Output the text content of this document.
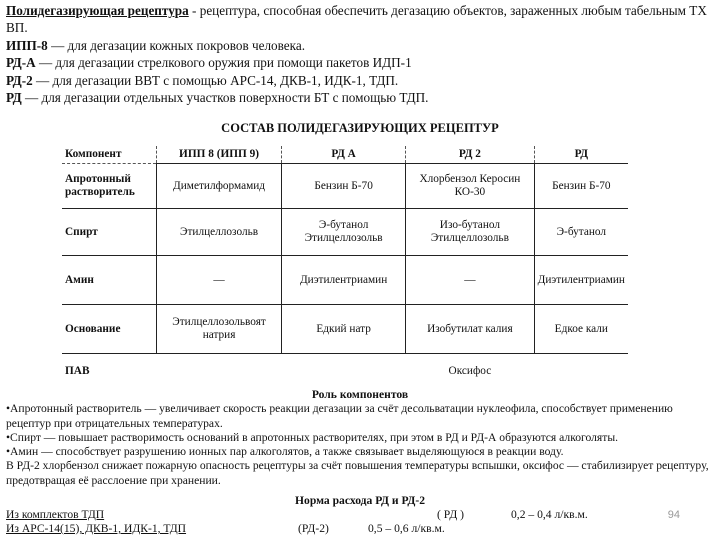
Полидегазирующая рецептура - рецептура, способная обеспечить дегазацию объектов, зараженных любым табельным ТХ ВП.

ИПП-8 — для дегазации кожных покровов человека.

РД-А — для дегазации стрелкового оружия при помощи пакетов ИДП-1

РД-2 — для дегазации ВВТ с помощью АРС-14, ДКВ-1, ИДК-1, ТДП.

РД — для дегазации отдельных участков поверхности БТ с помощью ТДП.

СОСТАВ ПОЛИДЕГАЗИРУЮЩИХ РЕЦЕПТУР
Компонент	ИПП 8 (ИПП 9)	РД А	РД 2	РД
Апротонный растворитель	Диметилформамид	Бензин Б-70	Хлорбензол Керосин КО-30	Бензин Б-70
Спирт	Этилцеллозольв	Э-бутанол Этилцеллозольв	Изо-бутанол Этилцеллозольв	Э-бутанол
Амин	—	Диэтилентриамин	—	Диэтилентриамин
Основание	Этилцеллозольвоят натрия	Едкий натр	Изобутилат калия	Едкое кали
ПАВ			Оксифос	

Роль компонентов

•Апротонный растворитель — увеличивает скорость реакции дегазации за счёт десольватации нуклеофила, способствует применению рецептур при отрицательных температурах.

•Спирт — повышает растворимость оснований в апротонных растворителях, при этом в РД и РД-А образуются алкоголяты.

•Амин — способствует разрушению ионных пар алкоголятов, а также связывает выделяющуюся в реакции воду.

В РД-2 хлорбензол снижает пожарную опасность рецептуры за счёт повышения температуры вспышки, оксифос — стабилизирует рецептуру, предотвращая её расслоение при хранении.

Норма расхода РД и РД-2
Из комплектов ТДП	( РД )	0,2 – 0,4 л/кв.м.
Из АРС-14(15), ДКВ-1, ИДК-1, ТДП	(РД-2)	0,5 – 0,6 л/кв.м.
94
